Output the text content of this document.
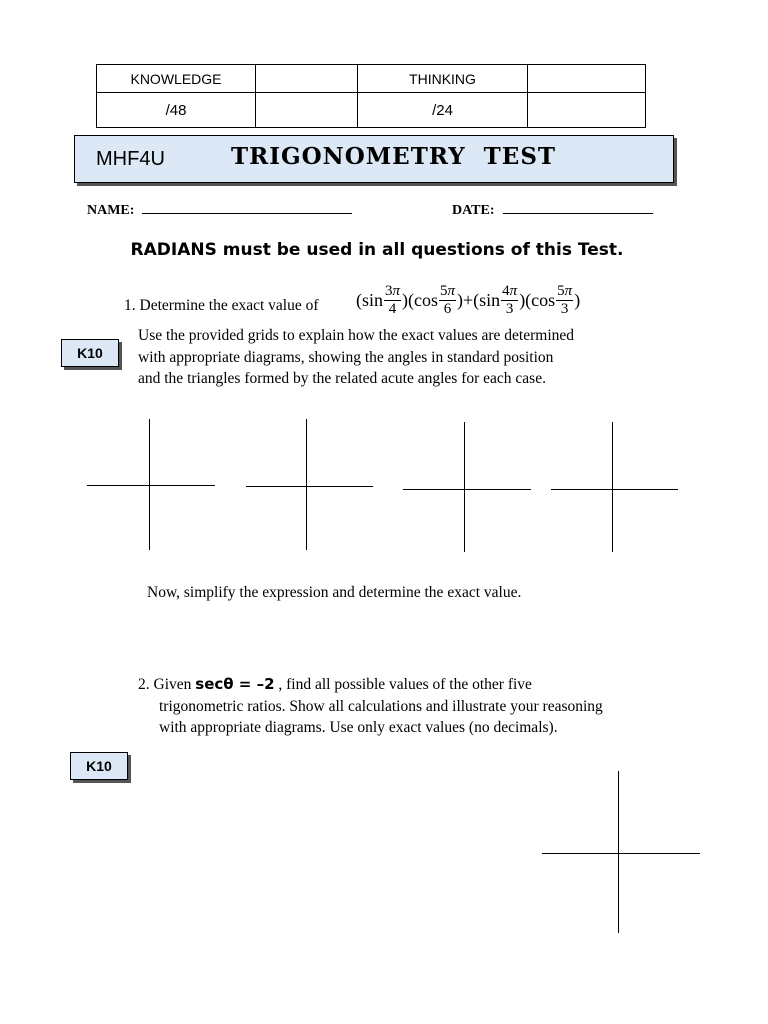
KNOWLEDGE		THINKING	
/48		/24	
MHF4U	TRIGONOMETRY  TEST
NAME:	DATE:
RADIANS must be used in all questions of this Test.
1. Determine the exact value of $(\sin \frac{3\pi}{4} )(\cos \frac{5\pi}{6} )+(\sin \frac{4\pi}{3} )(\cos \frac{5\pi}{3}$ )
K10
Use the provided grids to explain how the exact values are determined
with appropriate diagrams, showing the angles in standard position
and the triangles formed by the related acute angles for each case.
Now, simplify the expression and determine the exact value.
2. Given secθ = –2 , find all possible values of the other five
trigonometric ratios. Show all calculations and illustrate your reasoning
with appropriate diagrams. Use only exact values (no decimals).
K10
